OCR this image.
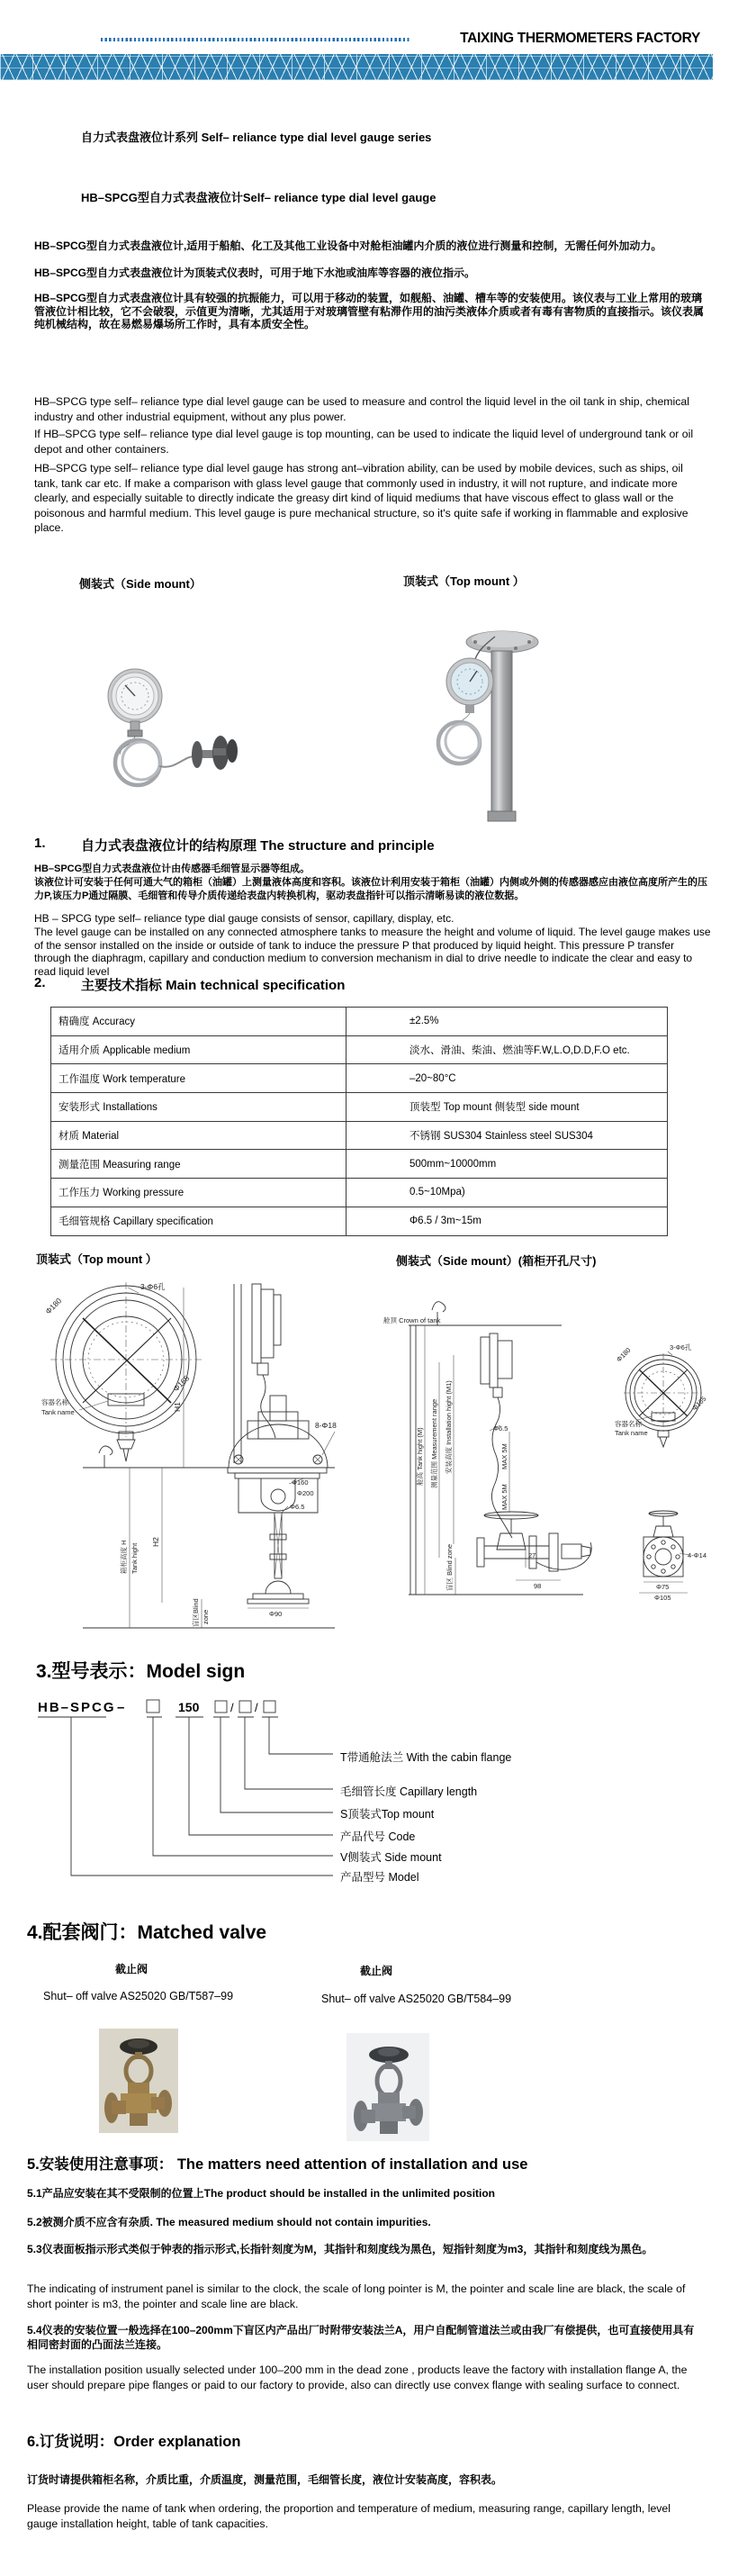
TAIXING THERMOMETERS FACTORY
自力式表盘液位计系列 Self– reliance type dial level gauge series
HB–SPCG型自力式表盘液位计Self– reliance type dial level gauge
HB–SPCG型自力式表盘液位计,适用于船舶、化工及其他工业设备中对舱柜油罐内介质的液位进行测量和控制，无需任何外加动力。
HB–SPCG型自力式表盘液位计为顶装式仪表时，可用于地下水池或油库等容器的液位指示。
HB–SPCG型自力式表盘液位计具有较强的抗振能力，可以用于移动的装置，如舰船、油罐、槽车等的安装使用。该仪表与工业上常用的玻璃管液位计相比较，它不会破裂，示值更为清晰，尤其适用于对玻璃管壁有粘滞作用的油污类液体介质或者有毒有害物质的直接指示。该仪表属纯机械结构，故在易燃易爆场所工作时，具有本质安全性。
HB–SPCG type self– reliance type dial level gauge can be used to measure and control the liquid level in the oil tank in ship, chemical industry and other industrial equipment, without any plus power.
If HB–SPCG type self– reliance type dial level gauge is top mounting, can be used to indicate the liquid level of underground tank or oil depot and other containers.
HB–SPCG type self– reliance type dial level gauge has strong ant–vibration ability, can be used by mobile devices, such as ships, oil tank, tank car etc. If make a comparison with glass level gauge that commonly used in industry, it will not rupture, and indicate more clearly, and especially suitable to directly indicate the greasy dirt kind of liquid mediums that have viscous effect to glass wall or the poisonous and harmful medium. This level gauge is pure mechanical structure, so it's quite safe if working in flammable and explosive place.
侧装式（Side mount）	顶装式（Top mount ）
1.	自力式表盘液位计的结构原理 The structure and principle
HB–SPCG型自力式表盘液位计由传感器毛细管显示器等组成。
该液位计可安装于任何可通大气的箱柜（油罐）上测量液体高度和容积。该液位计利用安装于箱柜（油罐）内侧或外侧的传感器感应由液位高度所产生的压力P,该压力P通过隔膜、毛细管和传导介质传递给表盘内转换机构，驱动表盘指针可以指示清晰易读的液位数据。
HB – SPCG type self– reliance type dial gauge consists of sensor, capillary, display, etc.
The level gauge can be installed on any connected atmosphere tanks to measure the height and volume of liquid. The level gauge makes use of the sensor installed on the inside or outside of tank to induce the pressure P that produced by liquid height. This pressure P transfer through the diaphragm, capillary and conduction medium to conversion mechanism in dial to drive needle to indicate the clear and easy to read liquid level
2.	主要技术指标 Main technical specification
精确度 Accuracy	±2.5%
适用介质 Applicable medium	淡水、滑油、柴油、燃油等F.W,L.O,D.D,F.O etc.
工作温度 Work temperature	–20~80°C
安装形式 Installations	顶装型 Top mount 侧装型 side mount
材质 Material	不锈钢 SUS304 Stainless steel SUS304
测量范围 Measuring range	500mm~10000mm
工作压力 Working pressure	0.5~10Mpa)
毛细管规格 Capillary specification	Φ6.5 / 3m~15m
顶装式（Top mount ）	侧装式（Side mount）(箱柜开孔尺寸)
3-Φ6孔
Φ180
Φ165
容器名称
Tank name
8-Φ18
Φ160
Φ200
Φ6.5
Φ90
H1
H2
箱柜高度 H Tank hight
盲区Blind zone
舱顶 Crown of tank
盲区 Blind zone	27
98
Φ6.5
MAX 5M
MAX 5M
舱高 Tank hight (M) 测量范围 Measurement range 安装高度 Installation hight (M1)
3-Φ6孔
Φ180
Φ165
容器名称
Tank name
4-Φ14
Φ75
Φ105
3.型号表示：Model sign
HB–SPCG –	150	/ /
T带通舱法兰 With the cabin flange
毛细管长度 Capillary length
S顶装式Top mount
产品代号 Code
V侧装式 Side mount
产品型号 Model
4.配套阀门：Matched valve
截止阀	截止阀
Shut– off valve AS25020 GB/T587–99	Shut– off valve AS25020 GB/T584–99
5.安装使用注意事项： The matters need attention of installation and use
5.1产品应安装在其不受限制的位置上The product should be installed in the unlimited position
5.2被测介质不应含有杂质. The measured medium should not contain impurities.
5.3仪表面板指示形式类似于钟表的指示形式,长指针刻度为M，其指针和刻度线为黑色，短指针刻度为m3，其指针和刻度线为黑色。
The indicating of instrument panel is similar to the clock, the scale of long pointer is M, the pointer and scale line are black, the scale of short pointer is m3, the pointer and scale line are black.
5.4仪表的安装位置一般选择在100–200mm下盲区内产品出厂时附带安装法兰A，用户自配制管道法兰或由我厂有偿提供，也可直接使用具有相同密封面的凸面法兰连接。
The installation position usually selected under 100–200 mm in the dead zone , products leave the factory with installation flange A, the user should prepare pipe flanges or paid to our factory to provide, also can directly use convex flange with sealing surface to connect.
6.订货说明：Order explanation
订货时请提供箱柜名称，介质比重，介质温度，测量范围，毛细管长度，液位计安装高度，容积表。
Please provide the name of tank when ordering, the proportion and temperature of medium, measuring range, capillary length, level gauge installation height, table of tank capacities.
